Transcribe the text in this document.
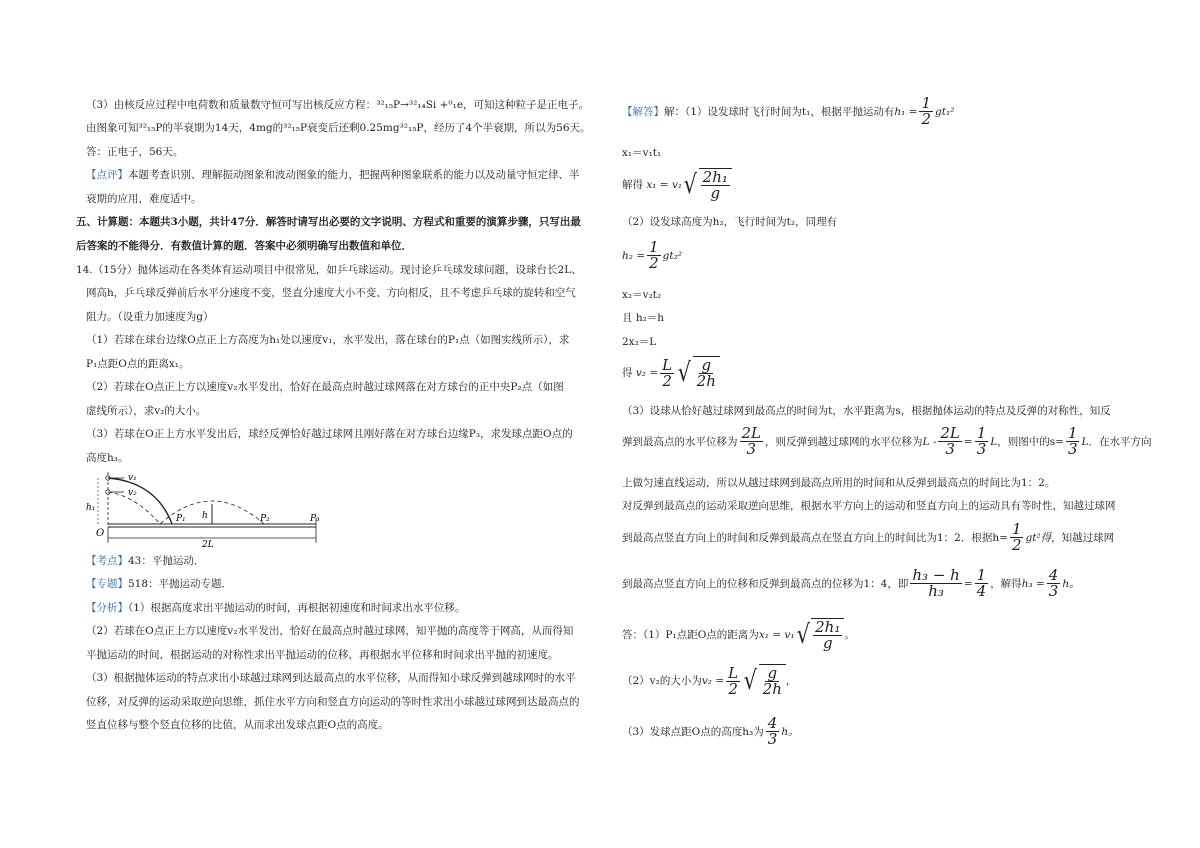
（3）由核反应过程中电荷数和质量数守恒可写出核反应方程：³²₁₅P→³²₁₄Si +⁰₁e，可知这种粒子是正电子。
由图象可知³²₁₅P的半衰期为14天，4mg的³²₁₅P衰变后还剩0.25mg³²₁₅P，经历了4个半衰期，所以为56天。
答：正电子，56天。
【点评】本题考查识别、理解振动图象和波动图象的能力，把握两种图象联系的能力以及动量守恒定律、半
衰期的应用，难度适中。
五、计算题：本题共3小题，共计47分．解答时请写出必要的文字说明、方程式和重要的演算步骤，只写出最
后答案的不能得分．有数值计算的题．答案中必须明确写出数值和单位．
14.（15分）抛体运动在各类体育运动项目中很常见，如乒乓球运动。现讨论乒乓球发球问题，设球台长2L、
网高h，乒乓球反弹前后水平分速度不变，竖直分速度大小不变、方向相反，且不考虑乒乓球的旋转和空气
阻力。（设重力加速度为g）
（1）若球在球台边缘O点正上方高度为h₁处以速度v₁，水平发出，落在球台的P₁点（如图实线所示），求
P₁点距O点的距离x₁。
（2）若球在O点正上方以速度v₂水平发出，恰好在最高点时越过球网落在对方球台的正中央P₂点（如图
虚线所示），求v₂的大小。
（3）若球在O正上方水平发出后，球经反弹恰好越过球网且刚好落在对方球台边缘P₃，求发球点距O点的
高度h₃。
v₁
v₂
h₁
O
P₁ h	P₂	P₃
2L
【考点】43：平抛运动．
【专题】518：平抛运动专题．
【分析】（1）根据高度求出平抛运动的时间，再根据初速度和时间求出水平位移。
（2）若球在O点正上方以速度v₂水平发出，恰好在最高点时越过球网，知平抛的高度等于网高，从而得知
平抛运动的时间，根据运动的对称性求出平抛运动的位移，再根据水平位移和时间求出平抛的初速度。
（3）根据抛体运动的特点求出小球越过球网到达最高点的水平位移，从而得知小球反弹到越球网时的水平
位移，对反弹的运动采取逆向思维，抓住水平方向和竖直方向运动的等时性求出小球越过球网到达最高点的
竖直位移与整个竖直位移的比值，从而求出发球点距O点的高度。
【解答】 解：（1）设发球时飞行时间为t₁，根据平抛运动有 $h_1 = \frac{1}{2} gt_1^2$
x₁＝v₁t₁
解得
x₁ = v₁ √ $\frac{\text{2h₁}}{g}$
（2）设发球高度为h₂，飞行时间为t₂，同理有
$h_2 = \frac{1}{2} gt_2^2$
x₂＝v₂t₂
且 h₂＝h
2x₂＝L
得
$v_2 = \frac{L}{2}$ √ $\frac{g}{2h}$
（3）设球从恰好越过球网到最高点的时间为t，水平距离为s，根据抛体运动的特点及反弹的对称性，知反
弹到最高点的水平位移为 $\frac{2L}{3}$ ，则反弹到越过球网的水平位移为 $L - \frac{2L}{3} = \frac{1}{3}$ L ，则图中的$s = \frac{1}{3}$ L ．在水平方向
上做匀速直线运动，所以从越过球网到最高点所用的时间和从反弹到最高点的时间比为1：2。
对反弹到最高点的运动采取逆向思维，根据水平方向上的运动和竖直方向上的运动具有等时性，知越过球网
到最高点竖直方向上的时间和反弹到最高点在竖直方向上的时间比为1：2．根据$h = \frac{1}{2} gt^2$得 ，知越过球网
到最高点竖直方向上的位移和反弹到最高点的位移为1：4，即 $\frac{\text{h₃ − h}}{\text{h₃}} = \frac{1}{4}$ ，解得 $h_3 = \frac{4}{3}$ h。
答：（1）P₁点距O点的距离为 x₁ = v₁ √ $\frac{\text{2h₁}}{g}$ 。
（2）v₂的大小为 $v_2 = \frac{L}{2}$ √ $\frac{g}{2h}$ ，
（3）发球点距O点的高度h₃为 $\frac{4}{3}$ h。
